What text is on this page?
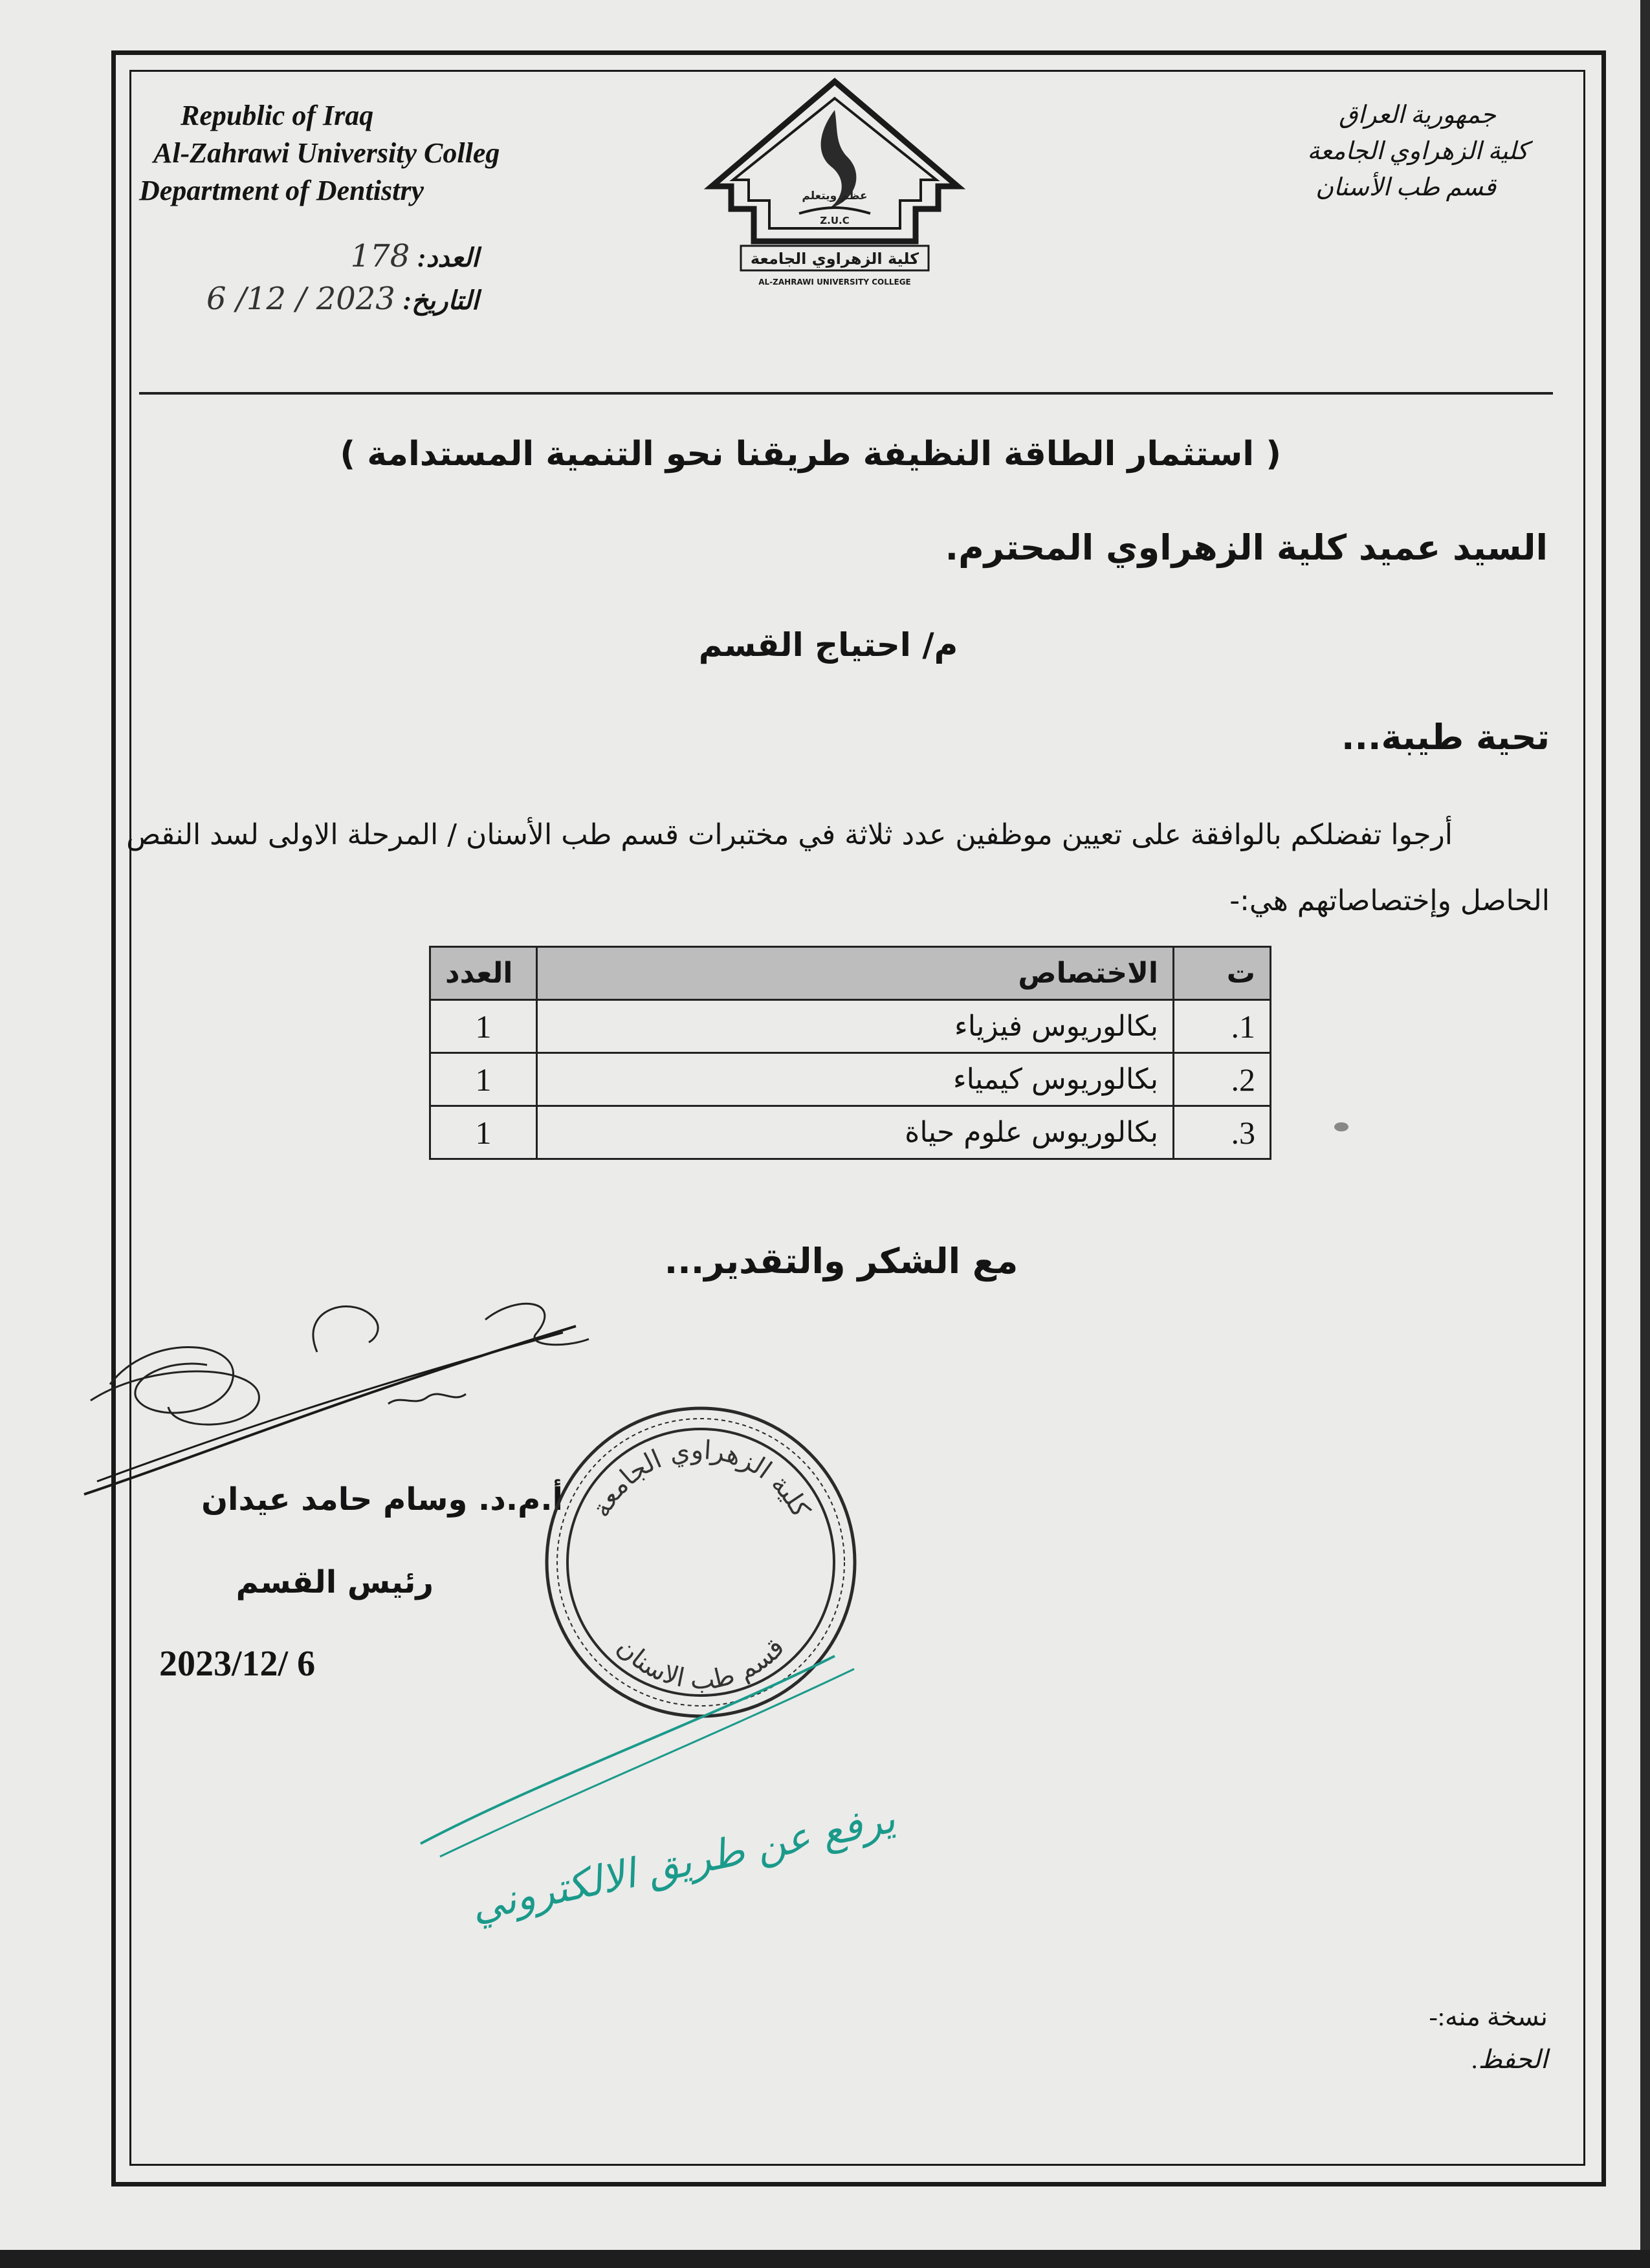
Republic of Iraq
Al-Zahrawi University Colleg
Department of Dentistry
جمهورية العراق
كلية الزهراوي الجامعة
قسم طب الأسنان
العدد:178
التاريخ:2023 / 12/ 6
عظم ويتعلم
Z.U.C
كلية الزهراوي الجامعة
AL-ZAHRAWI UNIVERSITY COLLEGE
( استثمار الطاقة النظيفة طريقنا نحو التنمية المستدامة )
السيد عميد كلية الزهراوي المحترم.
م/ احتياج القسم
تحية طيبة...
أرجوا تفضلكم بالوافقة على تعيين موظفين عدد ثلاثة في مختبرات قسم طب الأسنان / المرحلة الاولى لسد النقص الحاصل وإختصاصاتهم هي:-
ت	الاختصاص	العدد
1.	بكالوريوس فيزياء	1
2.	بكالوريوس كيمياء	1
3.	بكالوريوس علوم حياة	1
مع الشكر والتقدير...
أ.م.د. وسام حامد عيدان
رئيس القسم
2023/12/ 6
كلية الزهراوي الجامعة
قسم طب الاسنان
يرفع عن طريق الالكتروني
نسخة منه:-
الحفظ.
